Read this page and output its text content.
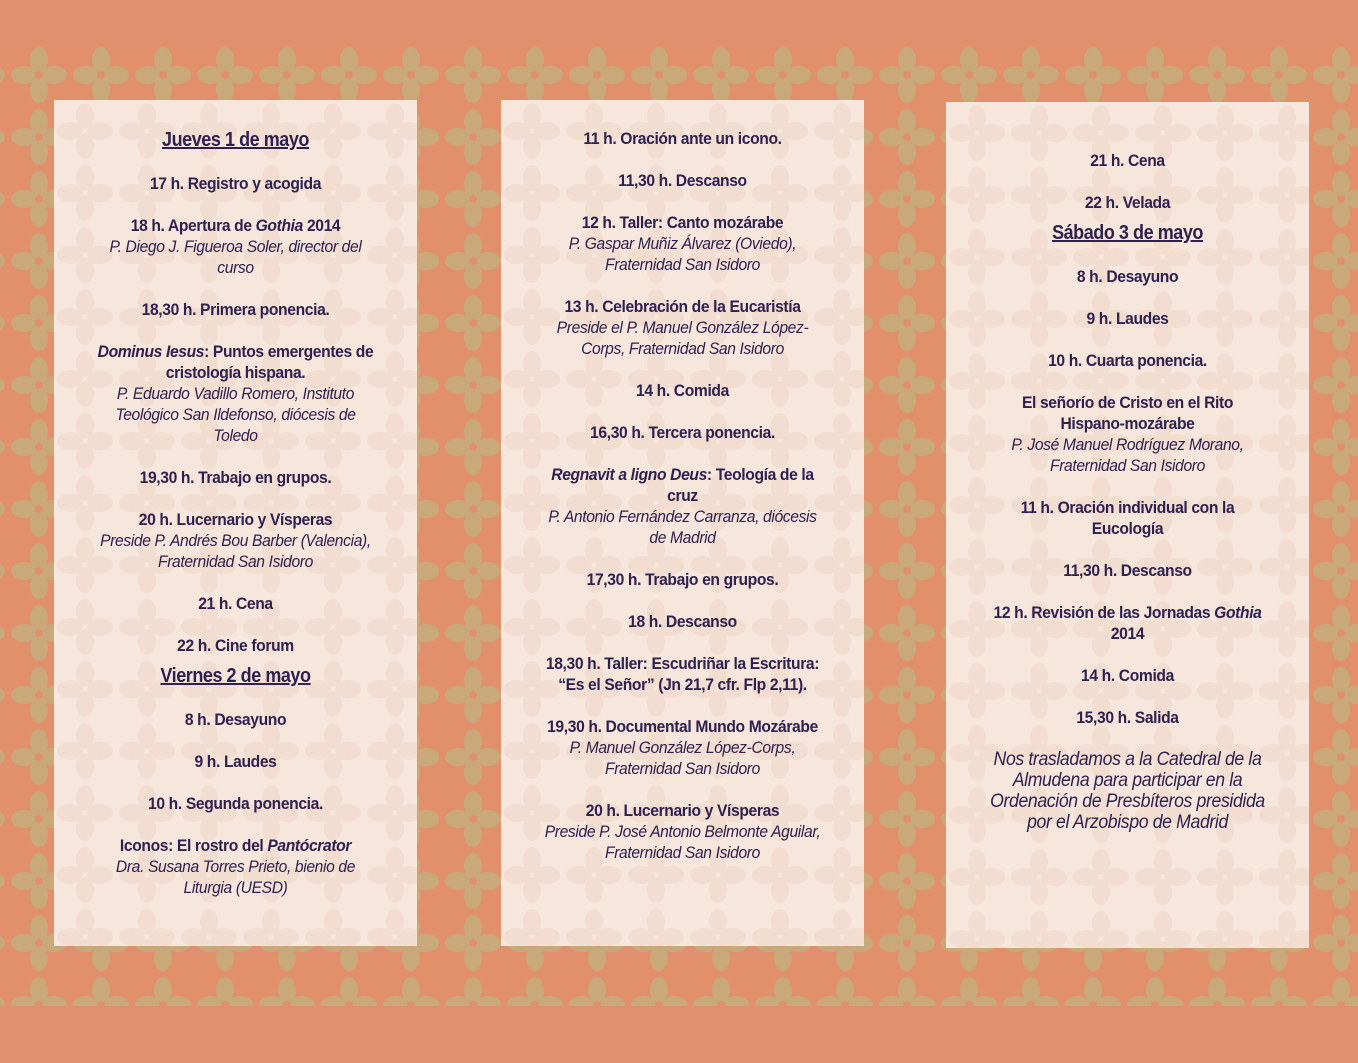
Jueves 1 de mayo
17 h. Registro y acogida
18 h. Apertura de Gothia 2014
P. Diego J. Figueroa Soler, director del curso
18,30 h. Primera ponencia.
Dominus Iesus: Puntos emergentes de cristología hispana.
P. Eduardo Vadillo Romero, Instituto Teológico San Ildefonso, diócesis de Toledo
19,30 h. Trabajo en grupos.
20 h. Lucernario y Vísperas
Preside P. Andrés Bou Barber (Valencia), Fraternidad San Isidoro
21 h. Cena
22 h. Cine forum
Viernes 2 de mayo
8 h. Desayuno
9 h. Laudes
10 h. Segunda ponencia.
Iconos: El rostro del Pantócrator
Dra. Susana Torres Prieto, bienio de Liturgia (UESD)
11 h. Oración ante un icono.
11,30 h. Descanso
12 h. Taller: Canto mozárabe
P. Gaspar Muñiz Álvarez (Oviedo), Fraternidad San Isidoro
13 h. Celebración de la Eucaristía
Preside el P. Manuel González López-Corps, Fraternidad San Isidoro
14 h. Comida
16,30 h. Tercera ponencia.
Regnavit a ligno Deus: Teología de la cruz
P. Antonio Fernández Carranza, diócesis de Madrid
17,30 h. Trabajo en grupos.
18 h. Descanso
18,30 h. Taller: Escudriñar la Escritura: “Es el Señor” (Jn 21,7 cfr. Flp 2,11).
19,30 h. Documental Mundo Mozárabe
P. Manuel González López-Corps, Fraternidad San Isidoro
20 h. Lucernario y Vísperas
Preside P. José Antonio Belmonte Aguilar, Fraternidad San Isidoro
21 h. Cena
22 h. Velada
Sábado 3 de mayo
8 h. Desayuno
9 h. Laudes
10 h. Cuarta ponencia.
El señorío de Cristo en el Rito Hispano-mozárabe
P. José Manuel Rodríguez Morano, Fraternidad San Isidoro
11 h. Oración individual con la Eucología
11,30 h. Descanso
12 h. Revisión de las Jornadas Gothia 2014
14 h. Comida
15,30 h. Salida
Nos trasladamos a la Catedral de la Almudena para participar en la Ordenación de Presbíteros presidida por el Arzobispo de Madrid
